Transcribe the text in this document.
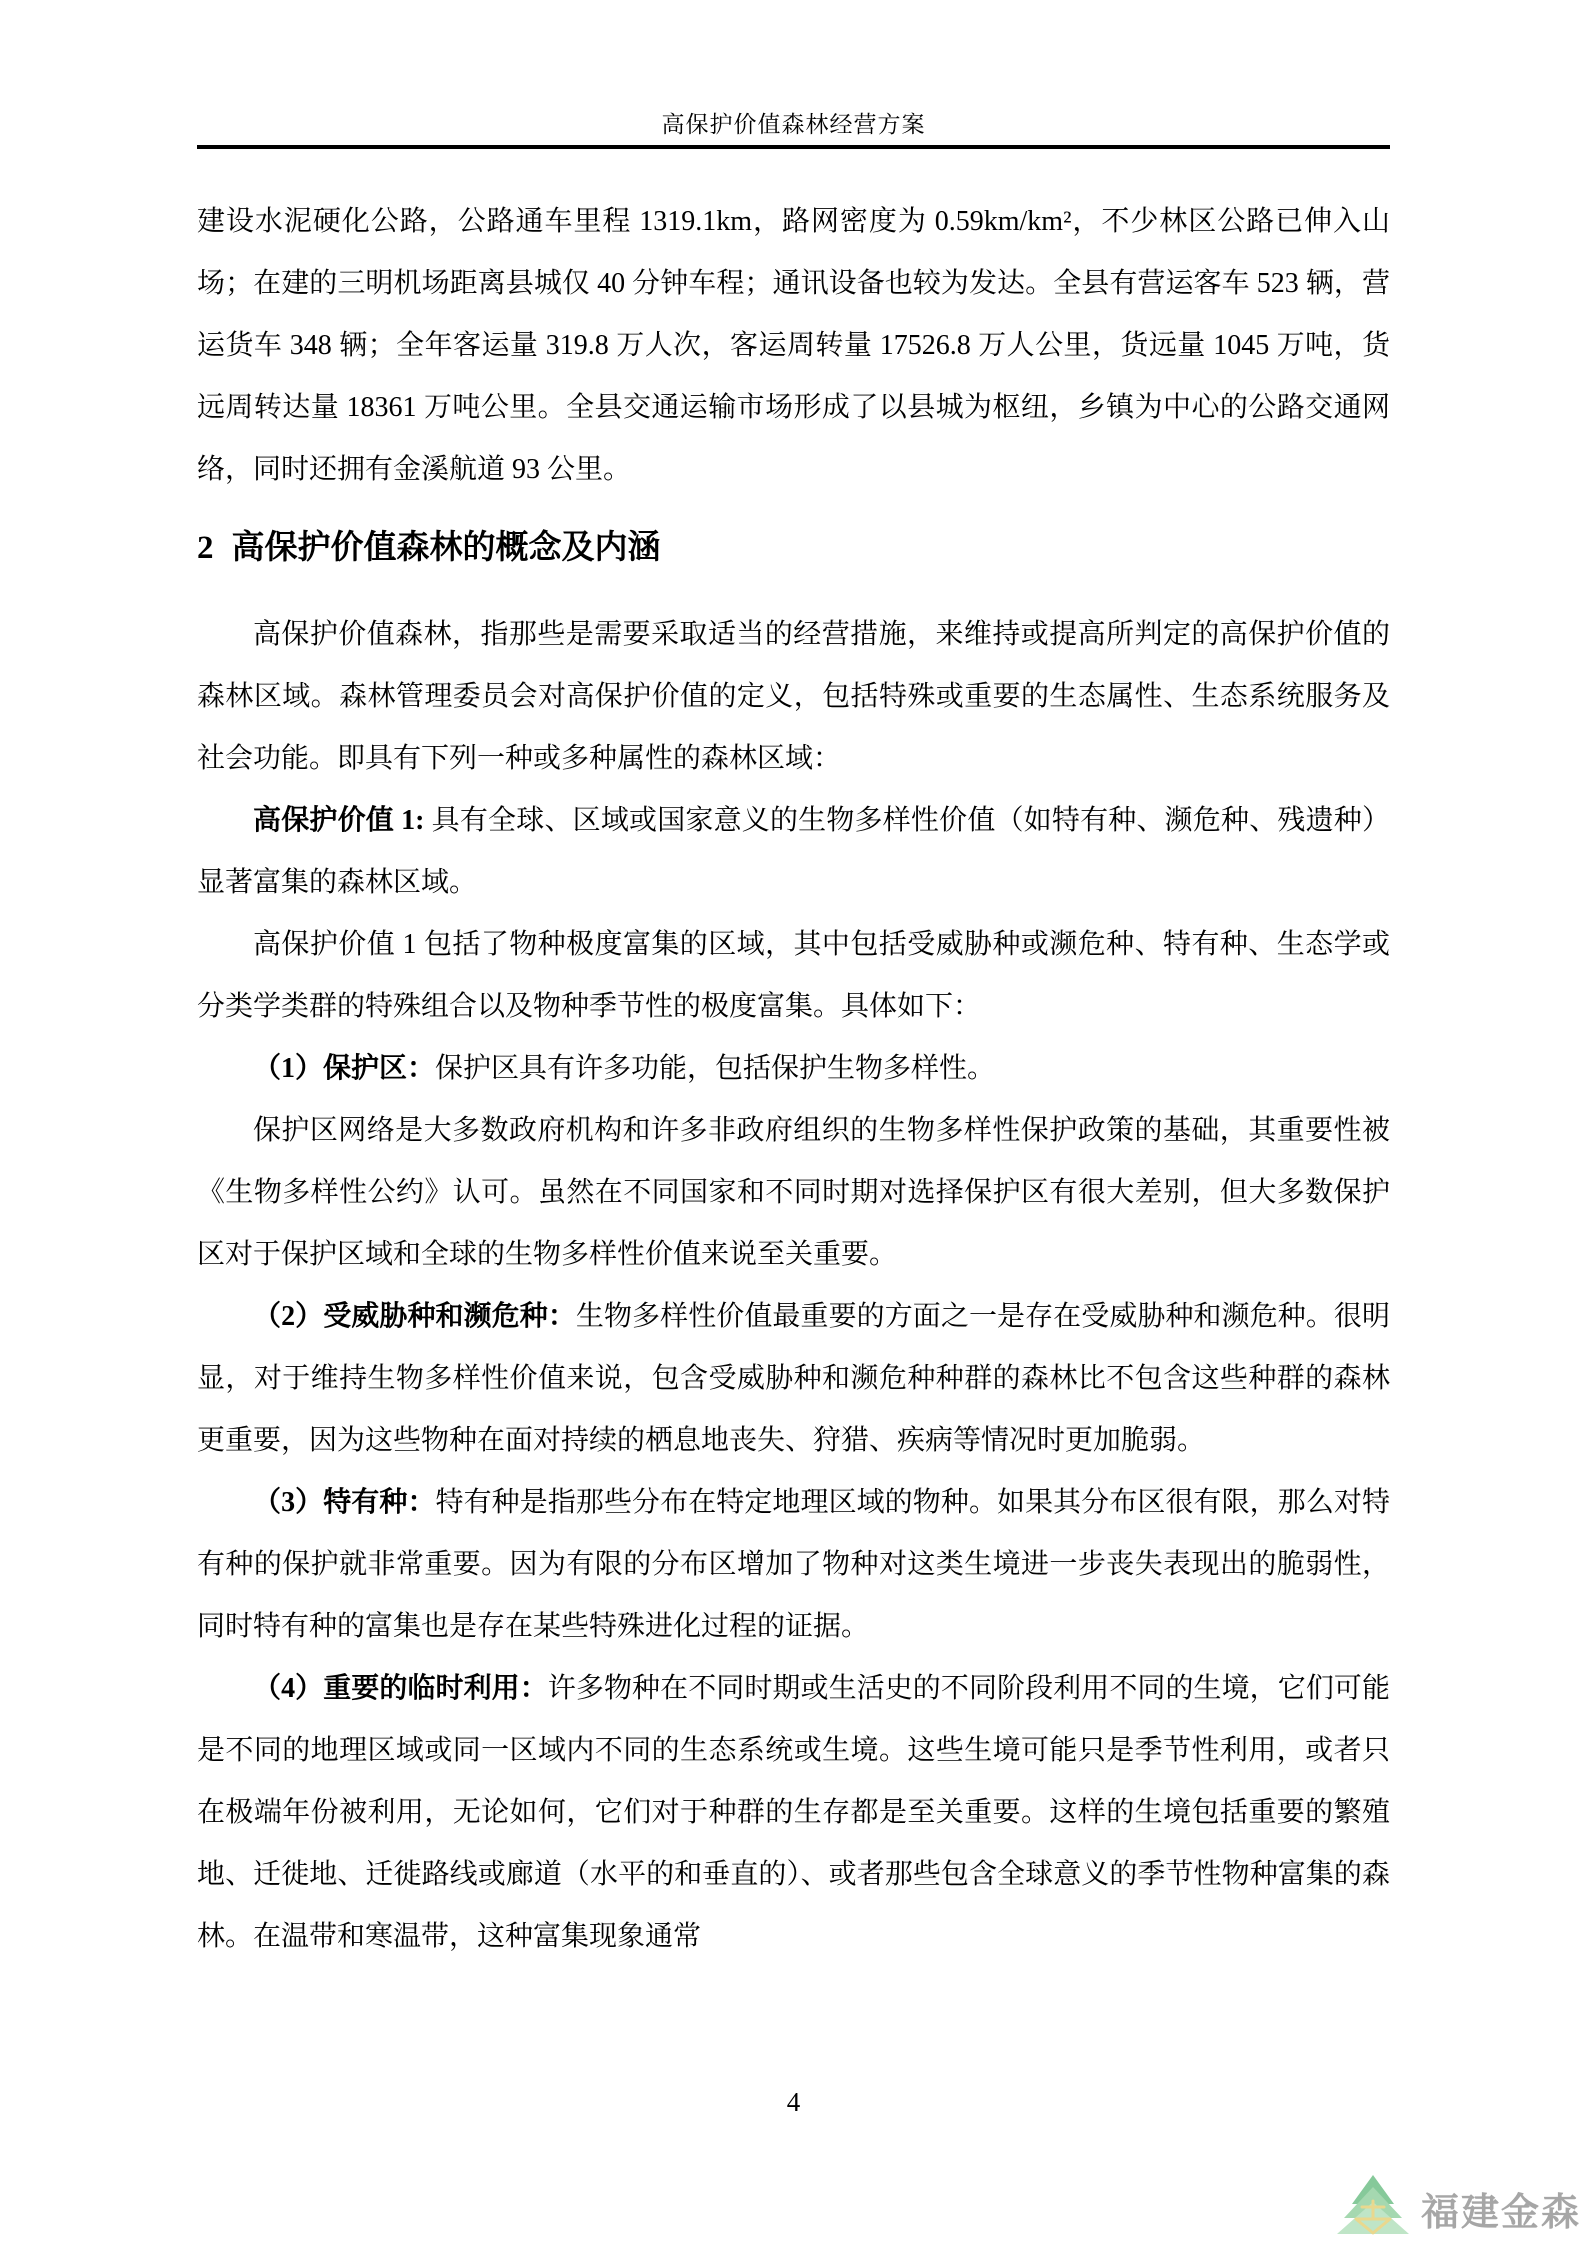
高保护价值森林经营方案

建设水泥硬化公路，公路通车里程 1319.1km，路网密度为 0.59km/km²，不少林区公路已伸入山场；在建的三明机场距离县城仅 40 分钟车程；通讯设备也较为发达。全县有营运客车 523 辆，营运货车 348 辆；全年客运量 319.8 万人次，客运周转量 17526.8 万人公里，货远量 1045 万吨，货远周转达量 18361 万吨公里。全县交通运输市场形成了以县城为枢纽，乡镇为中心的公路交通网络，同时还拥有金溪航道 93 公里。

2 高保护价值森林的概念及内涵

高保护价值森林，指那些是需要采取适当的经营措施，来维持或提高所判定的高保护价值的森林区域。森林管理委员会对高保护价值的定义，包括特殊或重要的生态属性、生态系统服务及社会功能。即具有下列一种或多种属性的森林区域：

高保护价值 1: 具有全球、区域或国家意义的生物多样性价值（如特有种、濒危种、残遗种）显著富集的森林区域。

高保护价值 1 包括了物种极度富集的区域，其中包括受威胁种或濒危种、特有种、生态学或分类学类群的特殊组合以及物种季节性的极度富集。具体如下：

（1）保护区：保护区具有许多功能，包括保护生物多样性。

保护区网络是大多数政府机构和许多非政府组织的生物多样性保护政策的基础，其重要性被《生物多样性公约》认可。虽然在不同国家和不同时期对选择保护区有很大差别，但大多数保护区对于保护区域和全球的生物多样性价值来说至关重要。

（2）受威胁种和濒危种：生物多样性价值最重要的方面之一是存在受威胁种和濒危种。很明显，对于维持生物多样性价值来说，包含受威胁种和濒危种种群的森林比不包含这些种群的森林更重要，因为这些物种在面对持续的栖息地丧失、狩猎、疾病等情况时更加脆弱。

（3）特有种：特有种是指那些分布在特定地理区域的物种。如果其分布区很有限，那么对特有种的保护就非常重要。因为有限的分布区增加了物种对这类生境进一步丧失表现出的脆弱性，同时特有种的富集也是存在某些特殊进化过程的证据。

（4）重要的临时利用：许多物种在不同时期或生活史的不同阶段利用不同的生境，它们可能是不同的地理区域或同一区域内不同的生态系统或生境。这些生境可能只是季节性利用，或者只在极端年份被利用，无论如何，它们对于种群的生存都是至关重要。这样的生境包括重要的繁殖地、迁徙地、迁徙路线或廊道（水平的和垂直的）、或者那些包含全球意义的季节性物种富集的森林。在温带和寒温带，这种富集现象通常

4
福建金森
